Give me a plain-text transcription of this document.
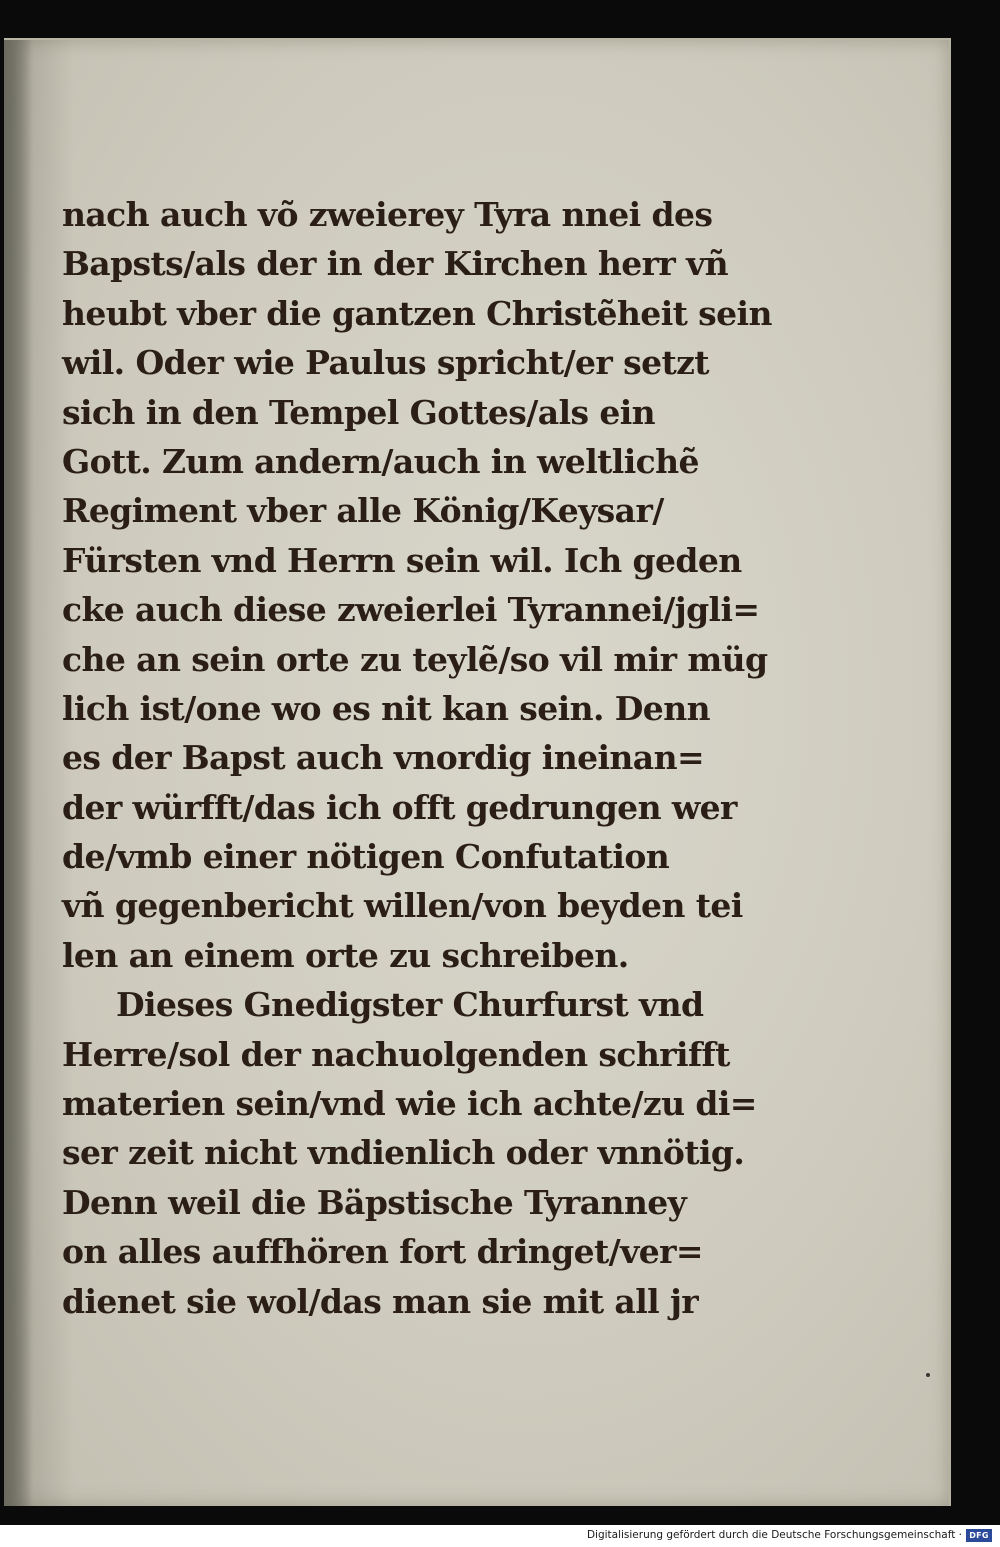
nach auch võ zweierey Tyra nnei des
Bapsts/als der in der Kirchen herr vñ
heubt vber die gantzen Christẽheit sein
wil. Oder wie Paulus spricht/er setzt
sich in den Tempel Gottes/als ein
Gott. Zum andern/auch in weltlichẽ
Regiment vber alle König/Keysar/
Fürsten vnd Herrn sein wil. Ich geden
cke auch diese zweierlei Tyrannei/jgli=
che an sein orte zu teylẽ/so vil mir müg
lich ist/one wo es nit kan sein. Denn
es der Bapst auch vnordig ineinan=
der würfft/das ich offt gedrungen wer
de/vmb einer nötigen Confutation
vñ gegenbericht willen/von beyden tei
len an einem orte zu schreiben.
Dieses Gnedigster Churfurst vnd
Herre/sol der nachuolgenden schrifft
materien sein/vnd wie ich achte/zu di=
ser zeit nicht vndienlich oder vnnötig.
Denn weil die Bäpstische Tyranney
on alles auffhören fort dringet/ver=
dienet sie wol/das man sie mit all jr
Digitalisierung gefördert durch die Deutsche Forschungsgemeinschaft · DFG
